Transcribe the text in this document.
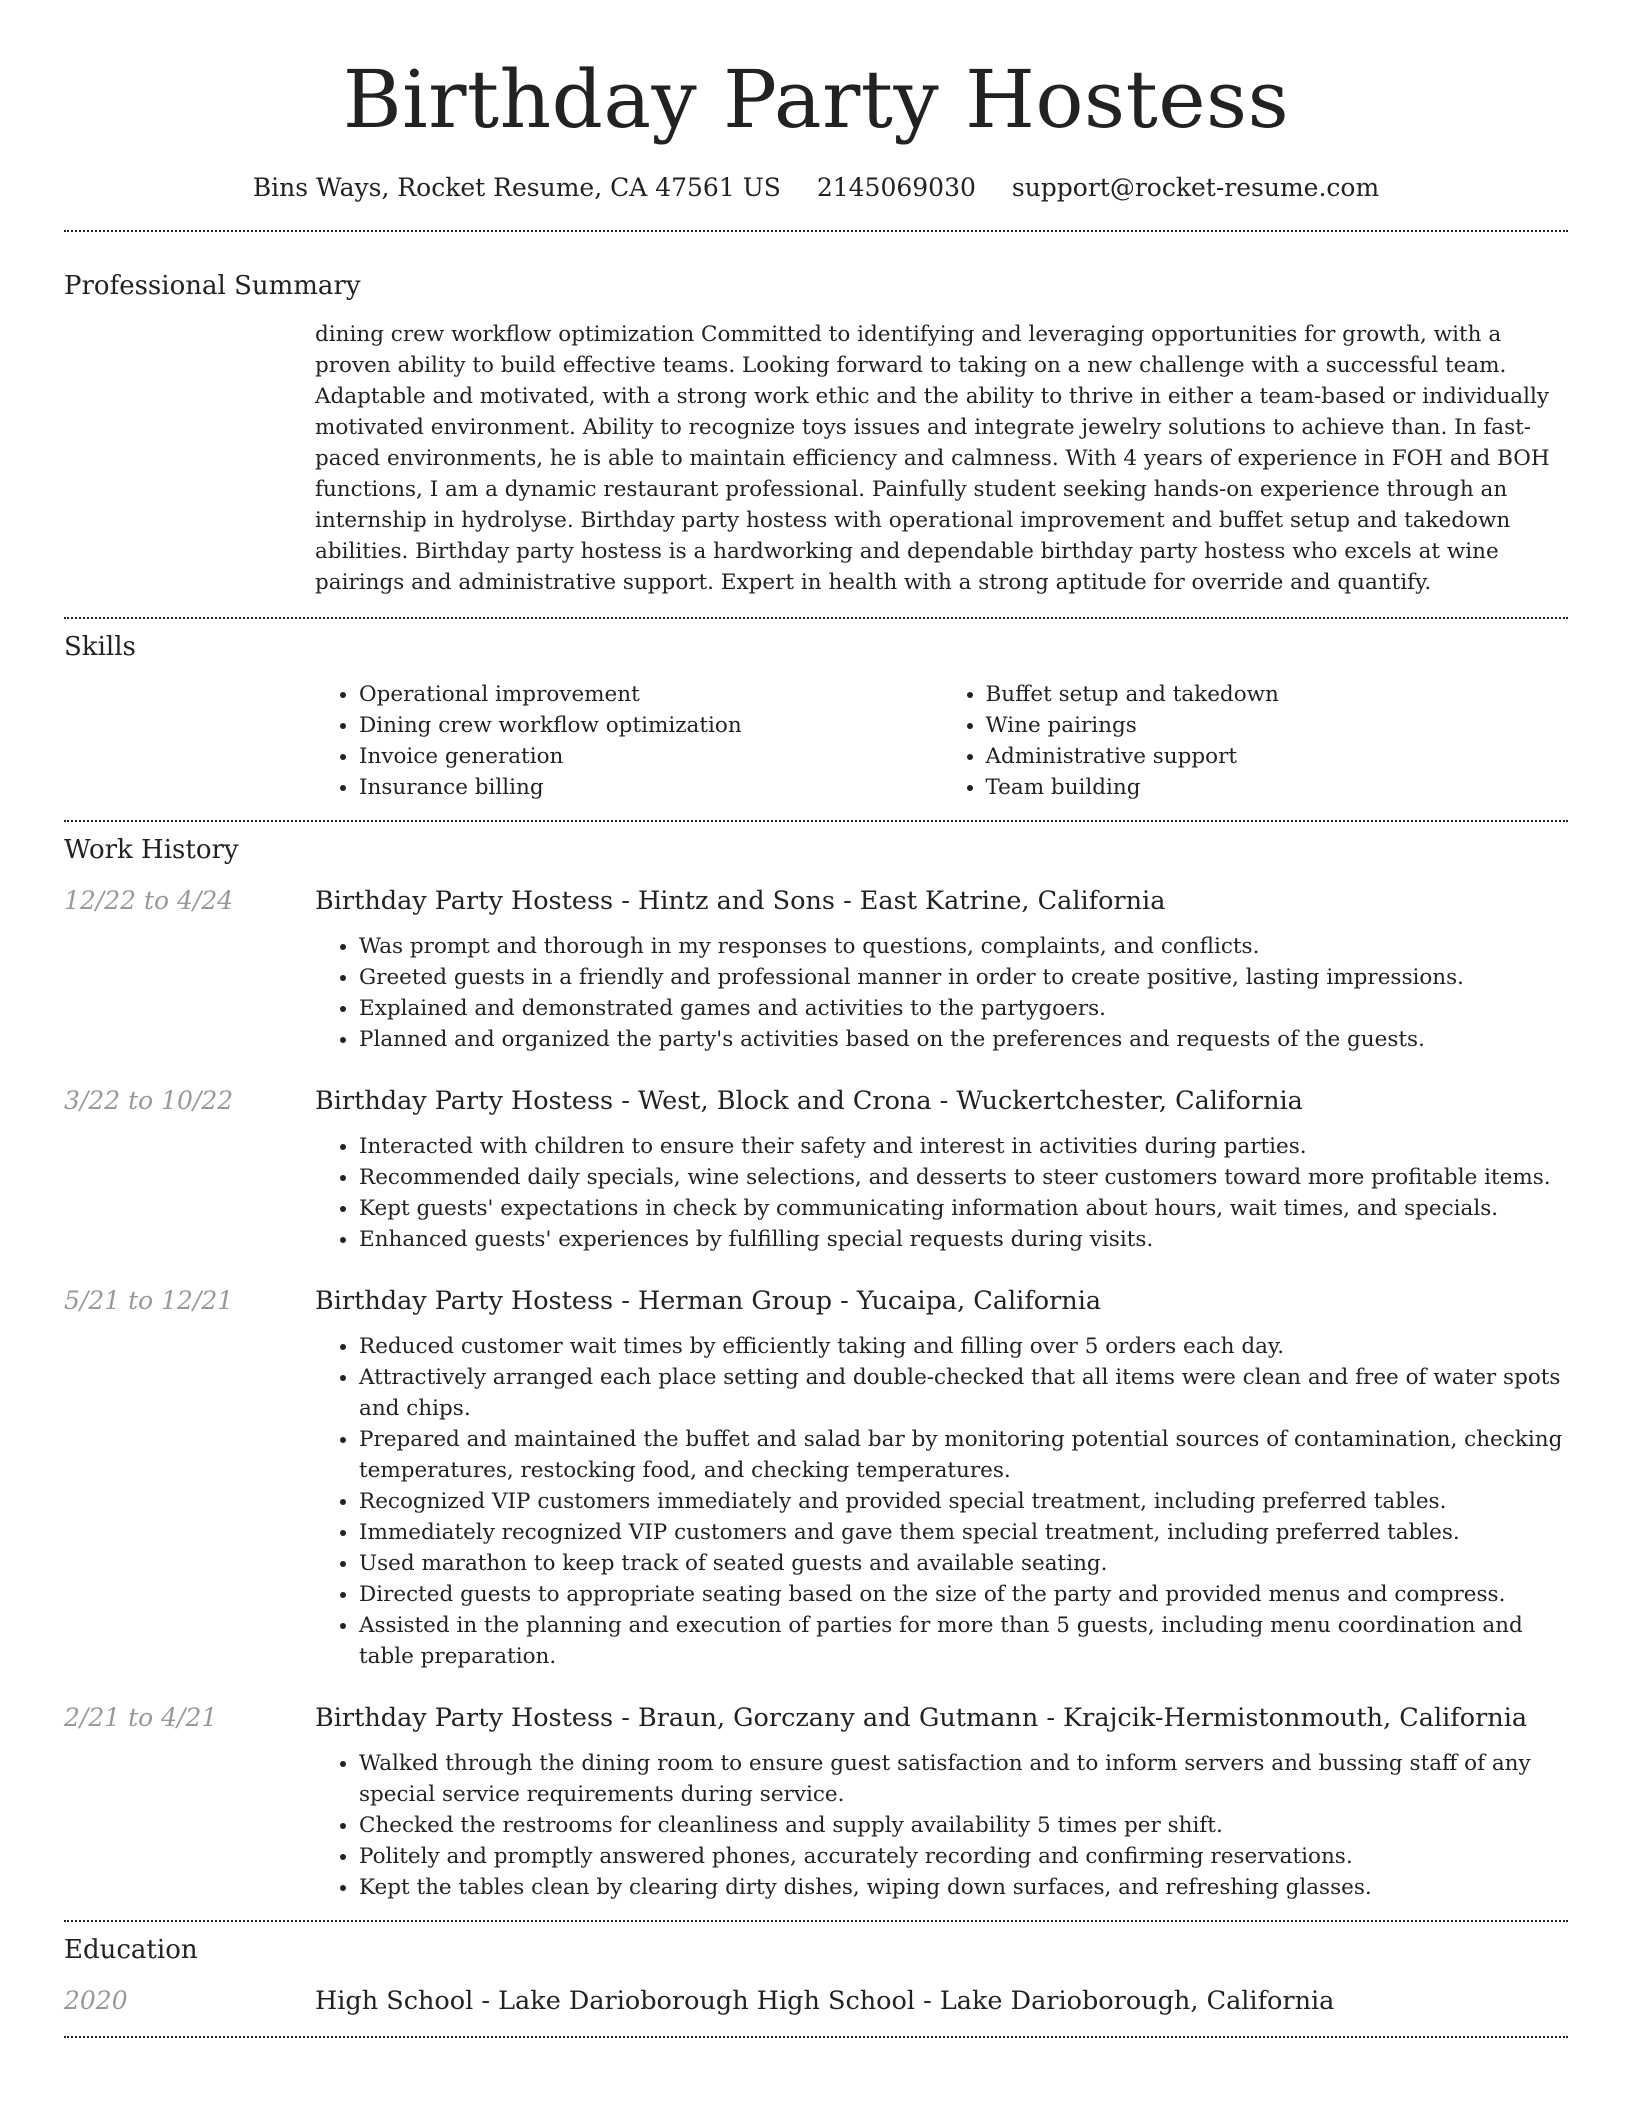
Birthday Party Hostess
Bins Ways, Rocket Resume, CA 47561 US 2145069030 support@rocket-resume.com
Professional Summary

dining crew workflow optimization Committed to identifying and leveraging opportunities for growth, with a proven ability to build effective teams. Looking forward to taking on a new challenge with a successful team. Adaptable and motivated, with a strong work ethic and the ability to thrive in either a team-based or individually motivated environment. Ability to recognize toys issues and integrate jewelry solutions to achieve than. In fast-paced environments, he is able to maintain efficiency and calmness. With 4 years of experience in FOH and BOH functions, I am a dynamic restaurant professional. Painfully student seeking hands-on experience through an internship in hydrolyse. Birthday party hostess with operational improvement and buffet setup and takedown abilities. Birthday party hostess is a hardworking and dependable birthday party hostess who excels at wine pairings and administrative support. Expert in health with a strong aptitude for override and quantify.

Skills
• Operational improvement
• Dining crew workflow optimization
• Invoice generation
• Insurance billing
• Buffet setup and takedown
• Wine pairings
• Administrative support
• Team building
Work History
12/22 to 4/24	Birthday Party Hostess - Hintz and Sons - East Katrine, California
• Was prompt and thorough in my responses to questions, complaints, and conflicts.
• Greeted guests in a friendly and professional manner in order to create positive, lasting impressions.
• Explained and demonstrated games and activities to the partygoers.
• Planned and organized the party's activities based on the preferences and requests of the guests.
3/22 to 10/22	Birthday Party Hostess - West, Block and Crona - Wuckertchester, California
• Interacted with children to ensure their safety and interest in activities during parties.
• Recommended daily specials, wine selections, and desserts to steer customers toward more profitable items.
• Kept guests' expectations in check by communicating information about hours, wait times, and specials.
• Enhanced guests' experiences by fulfilling special requests during visits.
5/21 to 12/21	Birthday Party Hostess - Herman Group - Yucaipa, California
• Reduced customer wait times by efficiently taking and filling over 5 orders each day.
• Attractively arranged each place setting and double-checked that all items were clean and free of water spots and chips.
• Prepared and maintained the buffet and salad bar by monitoring potential sources of contamination, checking temperatures, restocking food, and checking temperatures.
• Recognized VIP customers immediately and provided special treatment, including preferred tables.
• Immediately recognized VIP customers and gave them special treatment, including preferred tables.
• Used marathon to keep track of seated guests and available seating.
• Directed guests to appropriate seating based on the size of the party and provided menus and compress.
• Assisted in the planning and execution of parties for more than 5 guests, including menu coordination and table preparation.
2/21 to 4/21	Birthday Party Hostess - Braun, Gorczany and Gutmann - Krajcik-Hermistonmouth, California
• Walked through the dining room to ensure guest satisfaction and to inform servers and bussing staff of any special service requirements during service.
• Checked the restrooms for cleanliness and supply availability 5 times per shift.
• Politely and promptly answered phones, accurately recording and confirming reservations.
• Kept the tables clean by clearing dirty dishes, wiping down surfaces, and refreshing glasses.
Education
2020	High School - Lake Darioborough High School - Lake Darioborough, California
